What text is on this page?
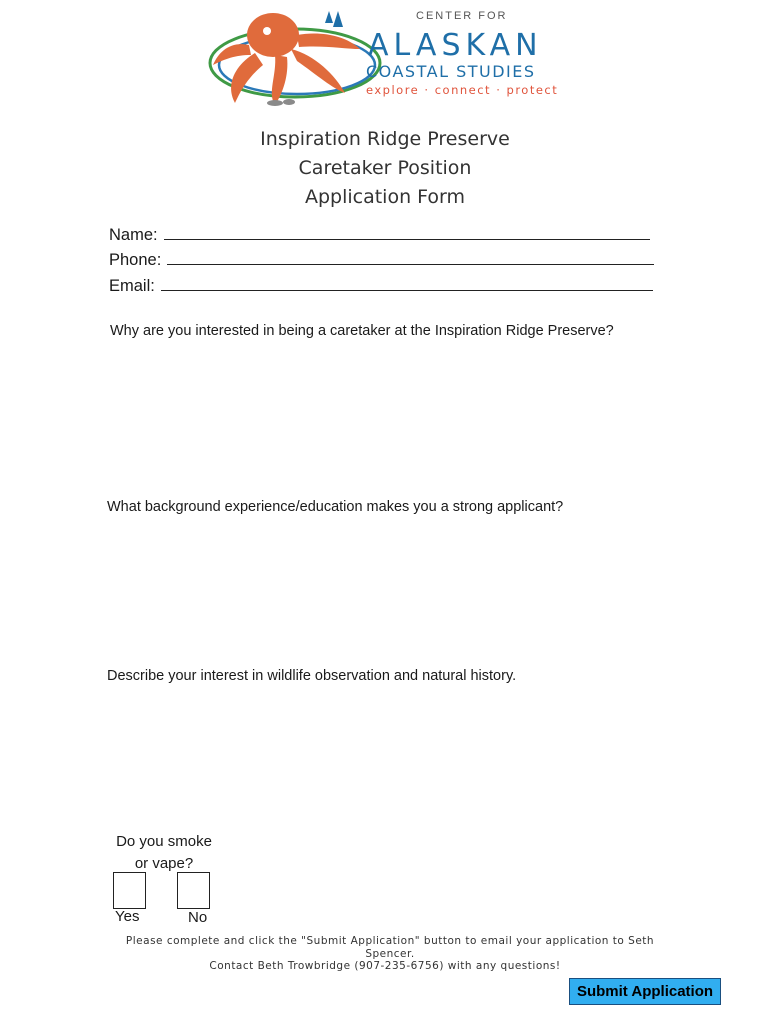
CENTER FOR
ALASKAN
COASTAL STUDIES
explore · connect · protect
Inspiration Ridge Preserve
Caretaker Position
Application Form
Name:
Phone:
Email:
Why are you interested in being a caretaker at the Inspiration Ridge Preserve?
What background experience/education makes you a strong applicant?
Describe your interest in wildlife observation and natural history.
Do you smoke or vape?
Yes	No
Please complete and click the "Submit Application" button to email your application to Seth Spencer.
Contact Beth Trowbridge (907-235-6756) with any questions!
Submit Application
